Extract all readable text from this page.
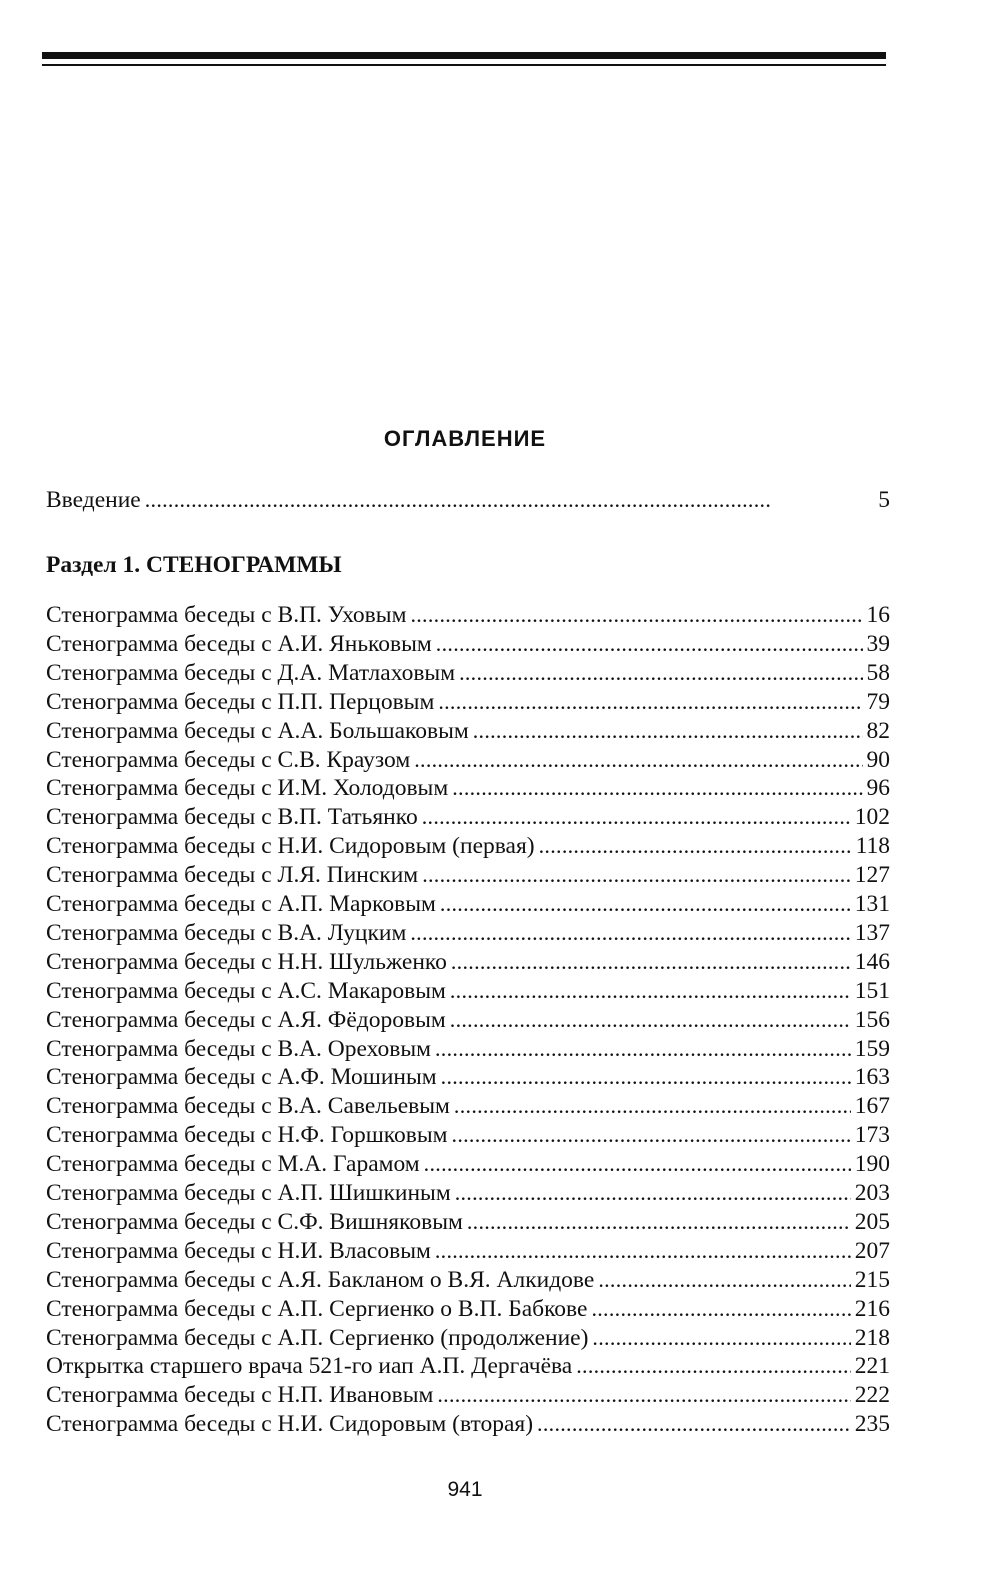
ОГЛАВЛЕНИЕ
Введение . . .	5
Раздел 1. СТЕНОГРАММЫ
Стенограмма беседы с В.П. Уховым . . .	16
Стенограмма беседы с А.И. Яньковым . . .	39
Стенограмма беседы с Д.А. Матлаховым . . .	58
Стенограмма беседы с П.П. Перцовым . . .	79
Стенограмма беседы с А.А. Большаковым . . .	82
Стенограмма беседы с С.В. Краузом . . .	90
Стенограмма беседы с И.М. Холодовым . . .	96
Стенограмма беседы с В.П. Татьянко . . .	102
Стенограмма беседы с Н.И. Сидоровым (первая) . . .	118
Стенограмма беседы с Л.Я. Пинским . . .	127
Стенограмма беседы с А.П. Марковым . . .	131
Стенограмма беседы с В.А. Луцким . . .	137
Стенограмма беседы с Н.Н. Шульженко . . .	146
Стенограмма беседы с А.С. Макаровым . . .	151
Стенограмма беседы с А.Я. Фёдоровым . . .	156
Стенограмма беседы с В.А. Ореховым . . .	159
Стенограмма беседы с А.Ф. Мошиным . . .	163
Стенограмма беседы с В.А. Савельевым . . .	167
Стенограмма беседы с Н.Ф. Горшковым . . .	173
Стенограмма беседы с М.А. Гарамом . . .	190
Стенограмма беседы с А.П. Шишкиным . . .	203
Стенограмма беседы с С.Ф. Вишняковым . . .	205
Стенограмма беседы с Н.И. Власовым . . .	207
Стенограмма беседы с А.Я. Бакланом о В.Я. Алкидове . . .	215
Стенограмма беседы с А.П. Сергиенко о В.П. Бабкове . . .	216
Стенограмма беседы с А.П. Сергиенко (продолжение) . . .	218
Открытка старшего врача 521-го иап А.П. Дергачёва . . .	221
Стенограмма беседы с Н.П. Ивановым . . .	222
Стенограмма беседы с Н.И. Сидоровым (вторая) . . .	235
941
